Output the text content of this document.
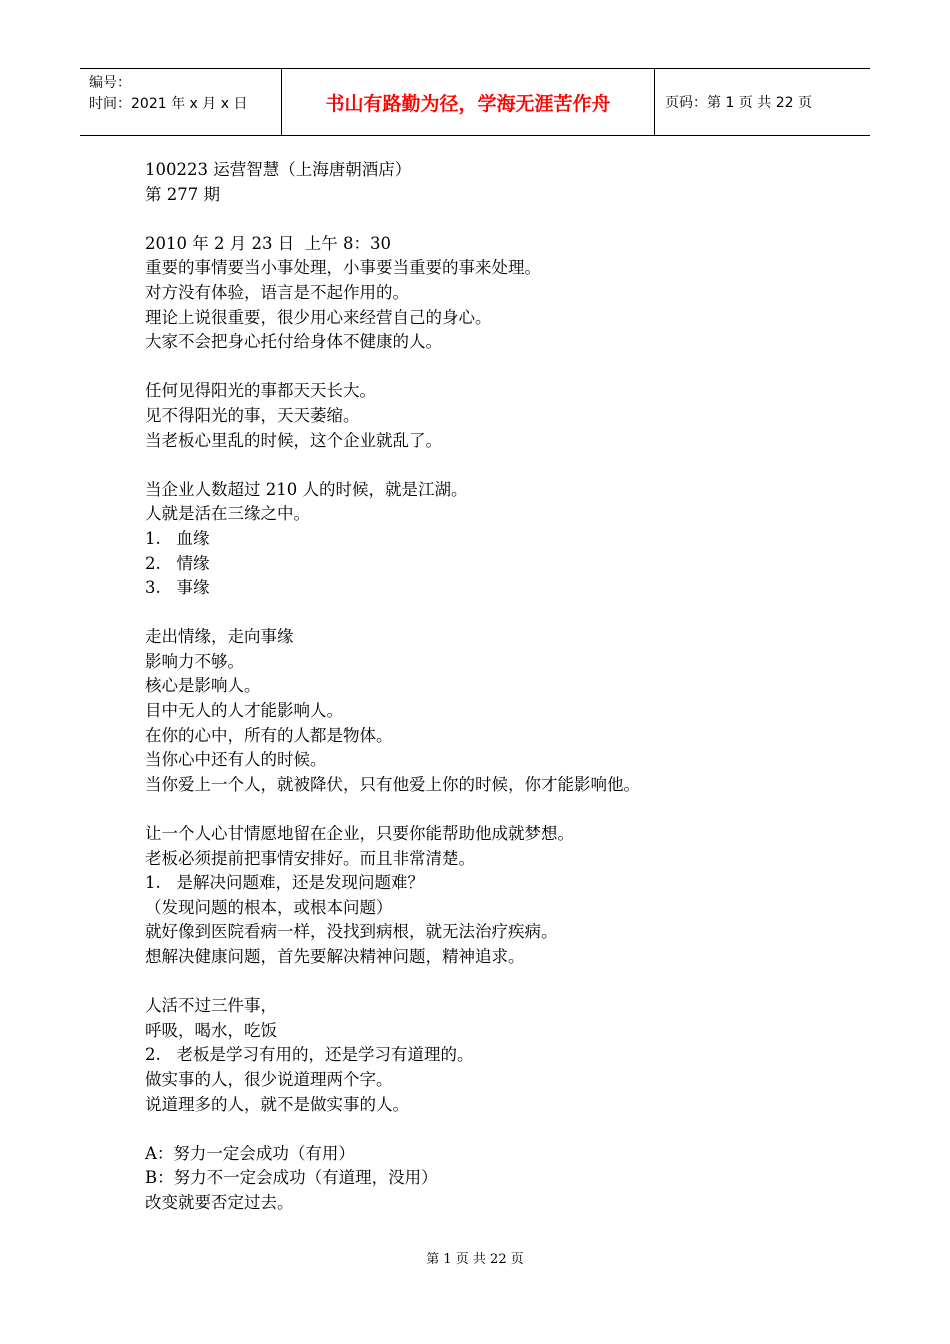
编号：
时间：2021 年 x 月 x 日	书山有路勤为径，学海无涯苦作舟	页码：第 1 页 共 22 页
100223 运营智慧（上海唐朝酒店）
第 277 期
2010 年 2 月 23 日  上午 8：30
重要的事情要当小事处理，小事要当重要的事来处理。
对方没有体验，语言是不起作用的。
理论上说很重要，很少用心来经营自己的身心。
大家不会把身心托付给身体不健康的人。
任何见得阳光的事都天天长大。
见不得阳光的事，天天萎缩。
当老板心里乱的时候，这个企业就乱了。
当企业人数超过 210 人的时候，就是江湖。
人就是活在三缘之中。
1.   血缘
2.   情缘
3.   事缘
走出情缘，走向事缘
影响力不够。
核心是影响人。
目中无人的人才能影响人。
在你的心中，所有的人都是物体。
当你心中还有人的时候。
当你爱上一个人，就被降伏，只有他爱上你的时候，你才能影响他。
让一个人心甘情愿地留在企业，只要你能帮助他成就梦想。
老板必须提前把事情安排好。而且非常清楚。
1.   是解决问题难，还是发现问题难？
（发现问题的根本，或根本问题）
就好像到医院看病一样，没找到病根，就无法治疗疾病。
想解决健康问题，首先要解决精神问题，精神追求。
人活不过三件事，
呼吸，喝水，吃饭
2.   老板是学习有用的，还是学习有道理的。
做实事的人，很少说道理两个字。
说道理多的人，就不是做实事的人。
A：努力一定会成功（有用）
B：努力不一定会成功（有道理，没用）
改变就要否定过去。
第 1 页 共 22 页
